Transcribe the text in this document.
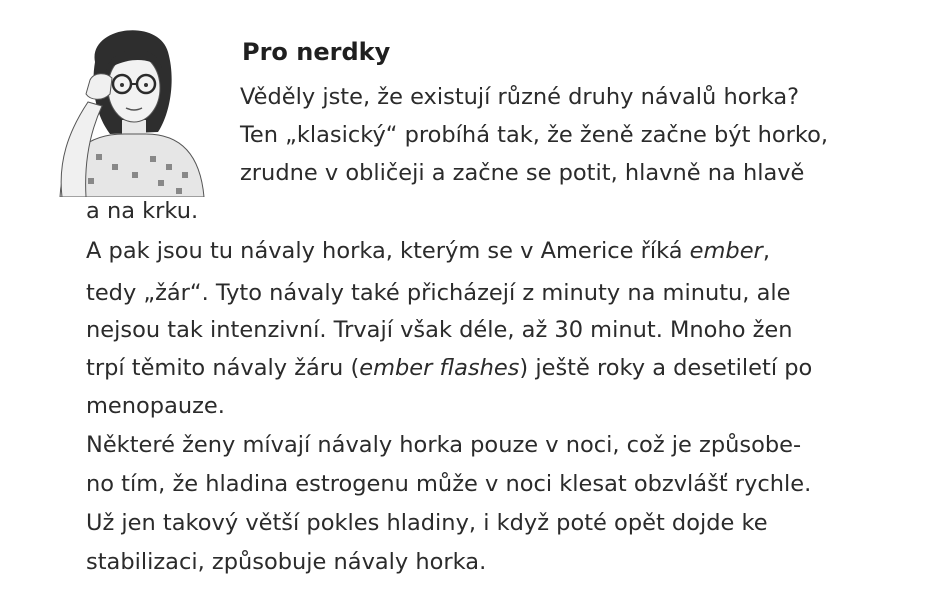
Pro nerdky
Věděly jste, že existují různé druhy návalů horka?
Ten „klasický“ probíhá tak, že ženě začne být horko,
zrudne v obličeji a začne se potit, hlavně na hlavě
a na krku.
A pak jsou tu návaly horka, kterým se v Americe říká ember,
tedy „žár“. Tyto návaly také přicházejí z minuty na minutu, ale
nejsou tak intenzivní. Trvají však déle, až 30 minut. Mnoho žen
trpí těmito návaly žáru (ember flashes) ještě roky a desetiletí po
menopauze.
Některé ženy mívají návaly horka pouze v noci, což je způsobe-
no tím, že hladina estrogenu může v noci klesat obzvlášť rychle.
Už jen takový větší pokles hladiny, i když poté opět dojde ke
stabilizaci, způsobuje návaly horka.
